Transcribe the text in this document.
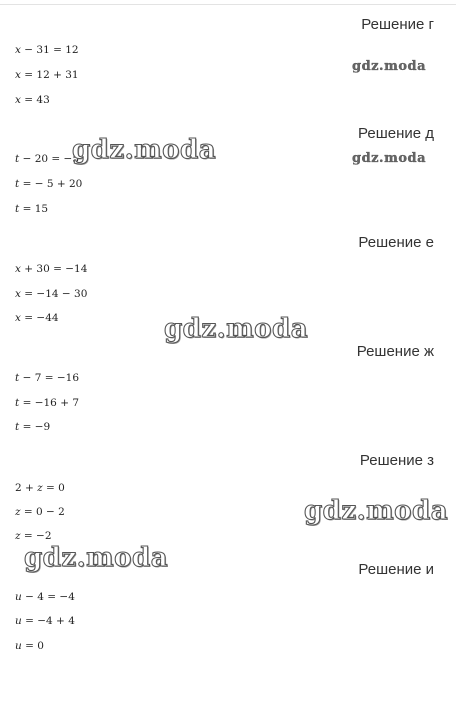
Решение г
x − 31 = 12
x = 12 + 31
x = 43
Решение д
t − 20 = −5
t = − 5 + 20
t = 15
Решение е
x + 30 = −14
x = −14 − 30
x = −44
Решение ж
t − 7 = −16
t = −16 + 7
t = −9
Решение з
2 + z = 0
z = 0 − 2
z = −2
Решение и
u − 4 = −4
u = −4 + 4
u = 0
gdz.moda
gdz.moda	gdz.moda
gdz.moda
gdz.moda
gdz.moda
